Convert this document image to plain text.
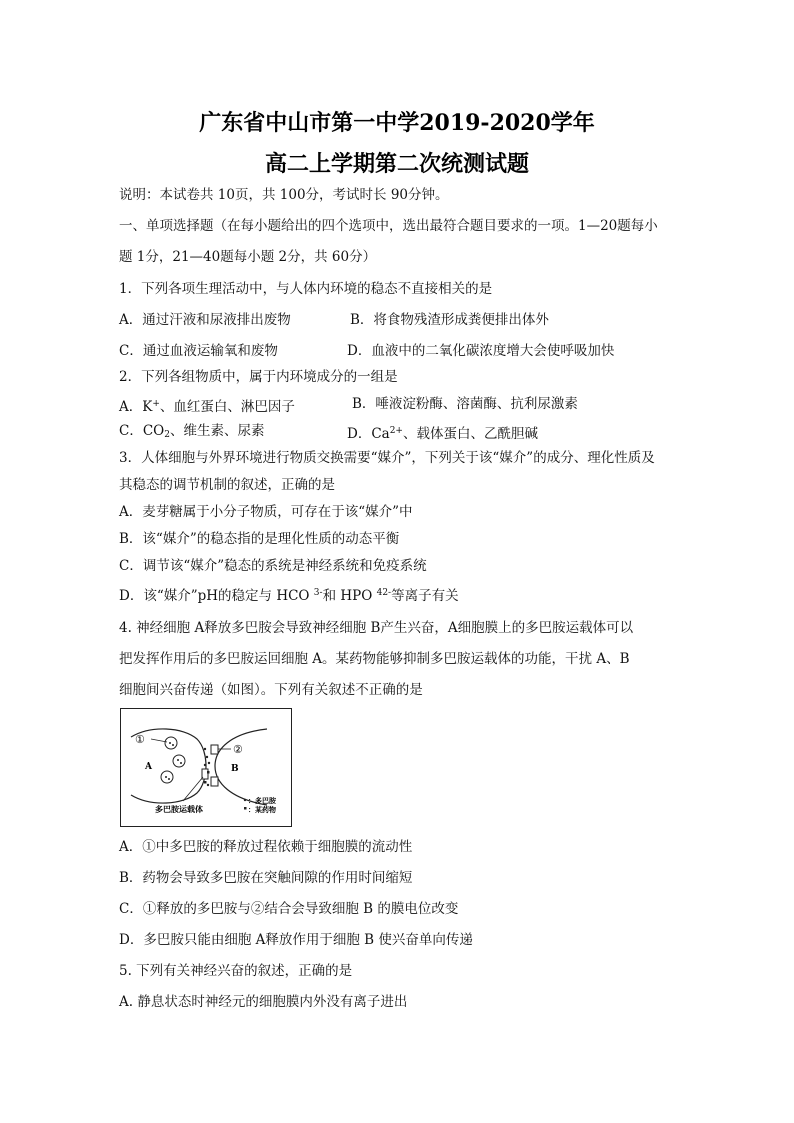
广东省中山市第一中学2019-2020学年
高二上学期第二次统测试题
说明：本试卷共 10页，共 100分，考试时长 90分钟。
一、单项选择题（在每小题给出的四个选项中，选出最符合题目要求的一项。1—20题每小
题 1分，21—40题每小题 2分，共 60分）
1．下列各项生理活动中，与人体内环境的稳态不直接相关的是
A．通过汗液和尿液排出废物	B．将食物残渣形成粪便排出体外
C．通过血液运输氧和废物	D．血液中的二氧化碳浓度增大会使呼吸加快
2．下列各组物质中，属于内环境成分的一组是
A．K+、血红蛋白、淋巴因子	B．唾液淀粉酶、溶菌酶、抗利尿激素
C．$CO_2$、维生素、尿素	D．$Ca^{2+}$、载体蛋白、乙酰胆碱
3．人体细胞与外界环境进行物质交换需要“媒介”，下列关于该“媒介”的成分、理化性质及
其稳态的调节机制的叙述，正确的是
A．麦芽糖属于小分子物质，可存在于该“媒介”中
B．该“媒介”的稳态指的是理化性质的动态平衡
C．调节该“媒介”稳态的系统是神经系统和免疫系统
D．该“媒介”pH的稳定与 HCO $^{3-}$和 HPO $^{42-}$等离子有关
4. 神经细胞 A释放多巴胺会导致神经细胞 B产生兴奋，A细胞膜上的多巴胺运载体可以
把发挥作用后的多巴胺运回细胞 A。某药物能够抑制多巴胺运载体的功能，干扰 A、B
细胞间兴奋传递（如图）。下列有关叙述不正确的是
①
②
A	B
多巴胺运载体
：多巴胺
：某药物
A．①中多巴胺的释放过程依赖于细胞膜的流动性
B．药物会导致多巴胺在突触间隙的作用时间缩短
C．①释放的多巴胺与②结合会导致细胞 B 的膜电位改变
D．多巴胺只能由细胞 A释放作用于细胞 B 使兴奋单向传递
5. 下列有关神经兴奋的叙述，正确的是
A. 静息状态时神经元的细胞膜内外没有离子进出
